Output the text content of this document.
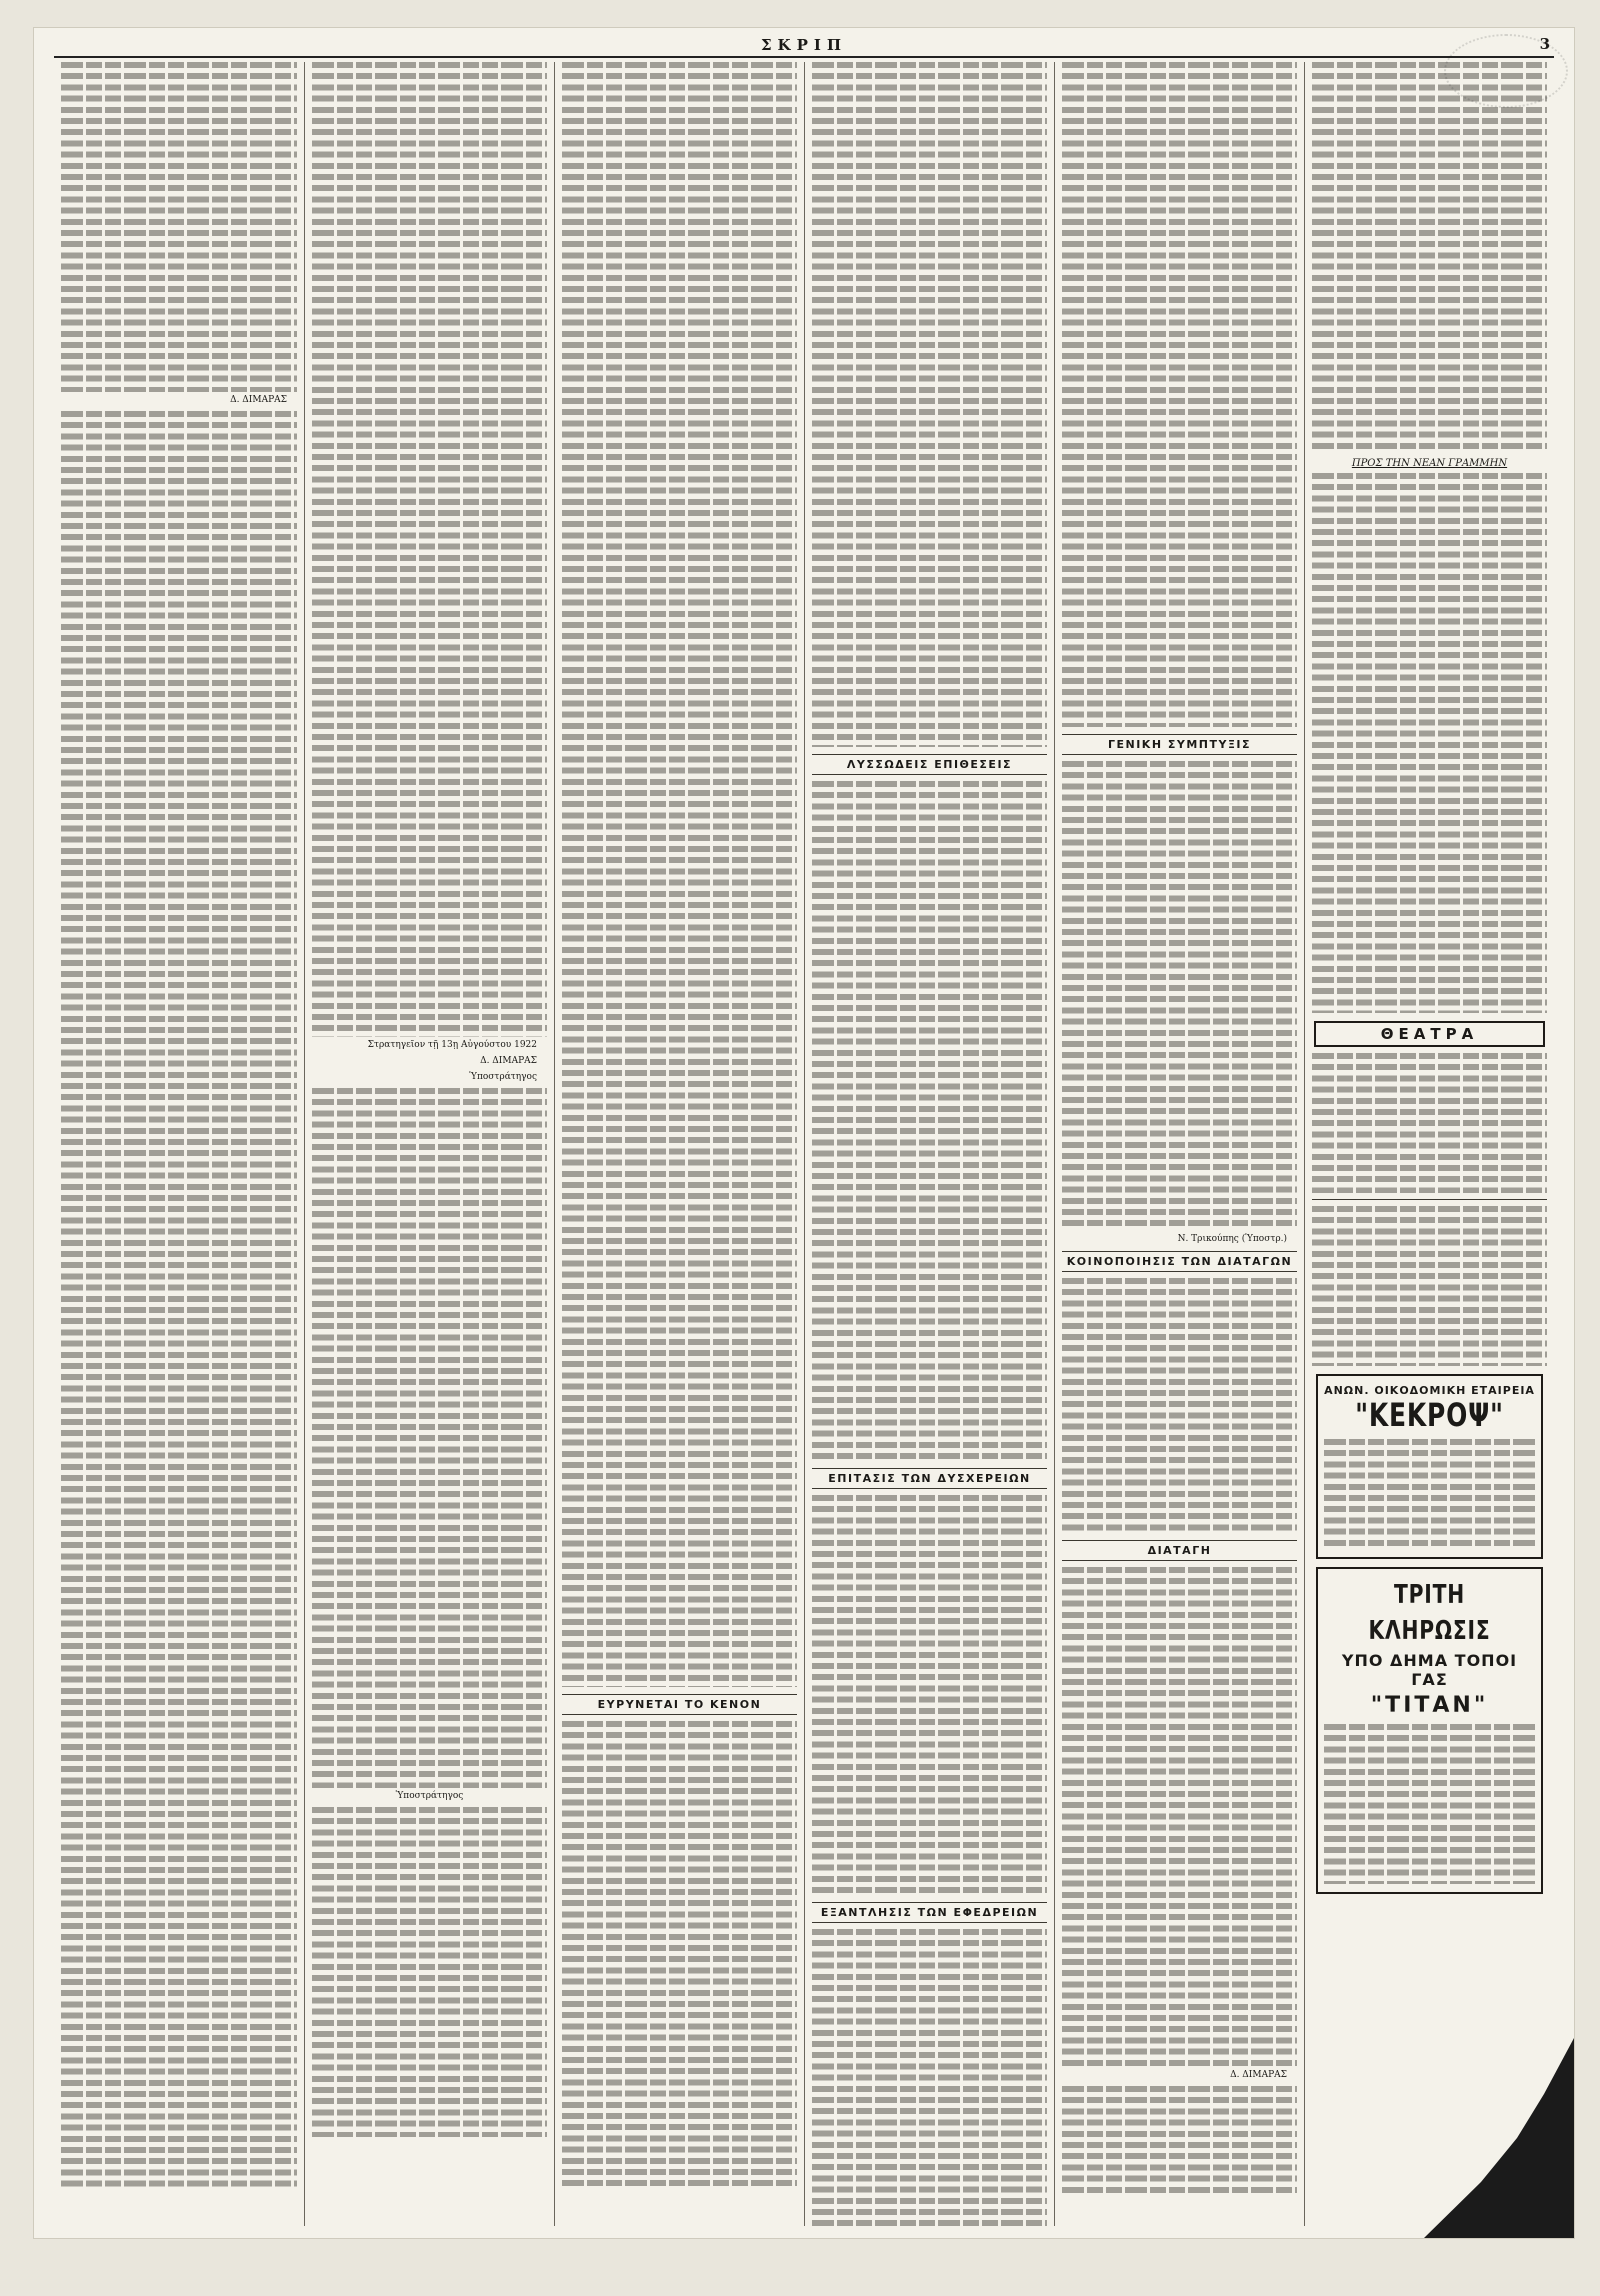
ΣΚΡΙΠ	3
Δ. ΔΙΜΑΡΑΣ
Στρατηγεῖον τῇ 13ῃ Αὐγούστου 1922
Δ. ΔΙΜΑΡΑΣ
Ὑποστράτηγος
Ὑποστράτηγος
ΕΥΡΥΝΕΤΑΙ ΤΟ ΚΕΝΟΝ
ΛΥΣΣΩΔΕΙΣ ΕΠΙΘΕΣΕΙΣ
ΕΠΙΤΑΣΙΣ ΤΩΝ ΔΥΣΧΕΡΕΙΩΝ
ΕΞΑΝΤΛΗΣΙΣ ΤΩΝ ΕΦΕΔΡΕΙΩΝ
ΓΕΝΙΚΗ ΣΥΜΠΤΥΞΙΣ
Ν. Τρικούπης (Ὑποστρ.)
ΚΟΙΝΟΠΟΙΗΣΙΣ ΤΩΝ ΔΙΑΤΑΓΩΝ
ΔΙΑΤΑΓΗ
Δ. ΔΙΜΑΡΑΣ
ΠΡΟΣ ΤΗΝ ΝΕΑΝ ΓΡΑΜΜΗΝ
ΘΕΑΤΡΑ
ΑΝΩΝ. ΟΙΚΟΔΟΜΙΚΗ ΕΤΑΙΡΕΙΑ
"ΚΕΚΡΟΨ"
ΤΡΙΤΗ ΚΛΗΡΩΣΙΣ
ΥΠΟ ΔΗΜΑ ΤΟΠΟΙ ΓΑΣ
"ΤΙΤΑΝ"
